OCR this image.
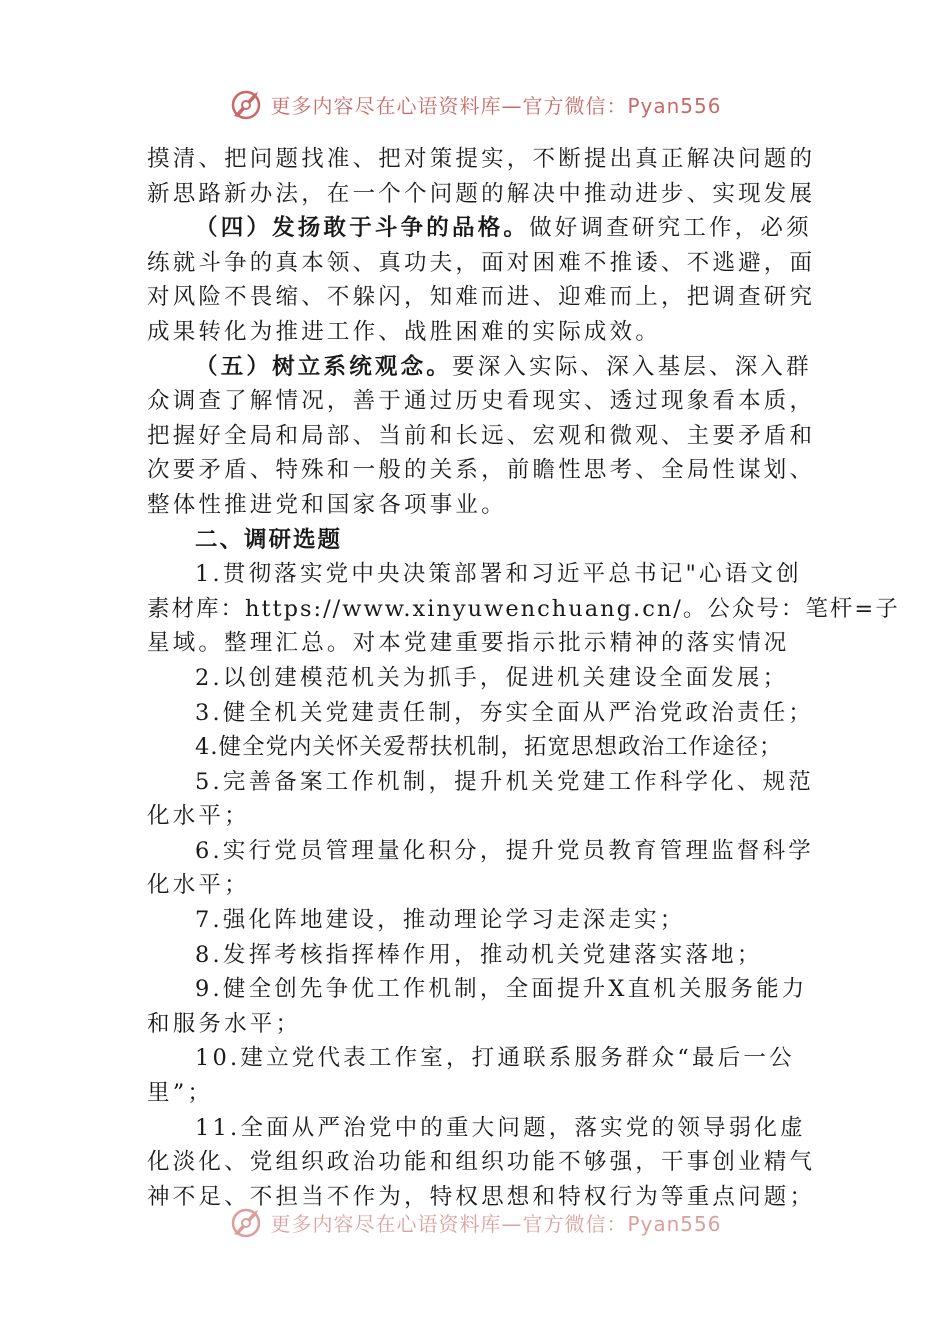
更多内容尽在心语资料库—官方微信：Pyan556
摸清、把问题找准、把对策提实，不断提出真正解决问题的
新思路新办法，在一个个问题的解决中推动进步、实现发展
（四）发扬敢于斗争的品格。做好调查研究工作，必须
练就斗争的真本领、真功夫，面对困难不推诿、不逃避，面
对风险不畏缩、不躲闪，知难而进、迎难而上，把调查研究
成果转化为推进工作、战胜困难的实际成效。
（五）树立系统观念。要深入实际、深入基层、深入群
众调查了解情况，善于通过历史看现实、透过现象看本质，
把握好全局和局部、当前和长远、宏观和微观、主要矛盾和
次要矛盾、特殊和一般的关系，前瞻性思考、全局性谋划、
整体性推进党和国家各项事业。
二、调研选题
1.贯彻落实党中央决策部署和习近平总书记"心语文创
素材库：https://www.xinyuwenchuang.cn/。公众号：笔杆=子
星域。整理汇总。对本党建重要指示批示精神的落实情况
2.以创建模范机关为抓手，促进机关建设全面发展；
3.健全机关党建责任制，夯实全面从严治党政治责任；
4.健全党内关怀关爱帮扶机制，拓宽思想政治工作途径；
5.完善备案工作机制，提升机关党建工作科学化、规范
化水平；
6.实行党员管理量化积分，提升党员教育管理监督科学
化水平；
7.强化阵地建设，推动理论学习走深走实；
8.发挥考核指挥棒作用，推动机关党建落实落地；
9.健全创先争优工作机制，全面提升X直机关服务能力
和服务水平；
10.建立党代表工作室，打通联系服务群众“最后一公
里”；
11.全面从严治党中的重大问题，落实党的领导弱化虚
化淡化、党组织政治功能和组织功能不够强，干事创业精气
神不足、不担当不作为，特权思想和特权行为等重点问题；
更多内容尽在心语资料库—官方微信：Pyan556
